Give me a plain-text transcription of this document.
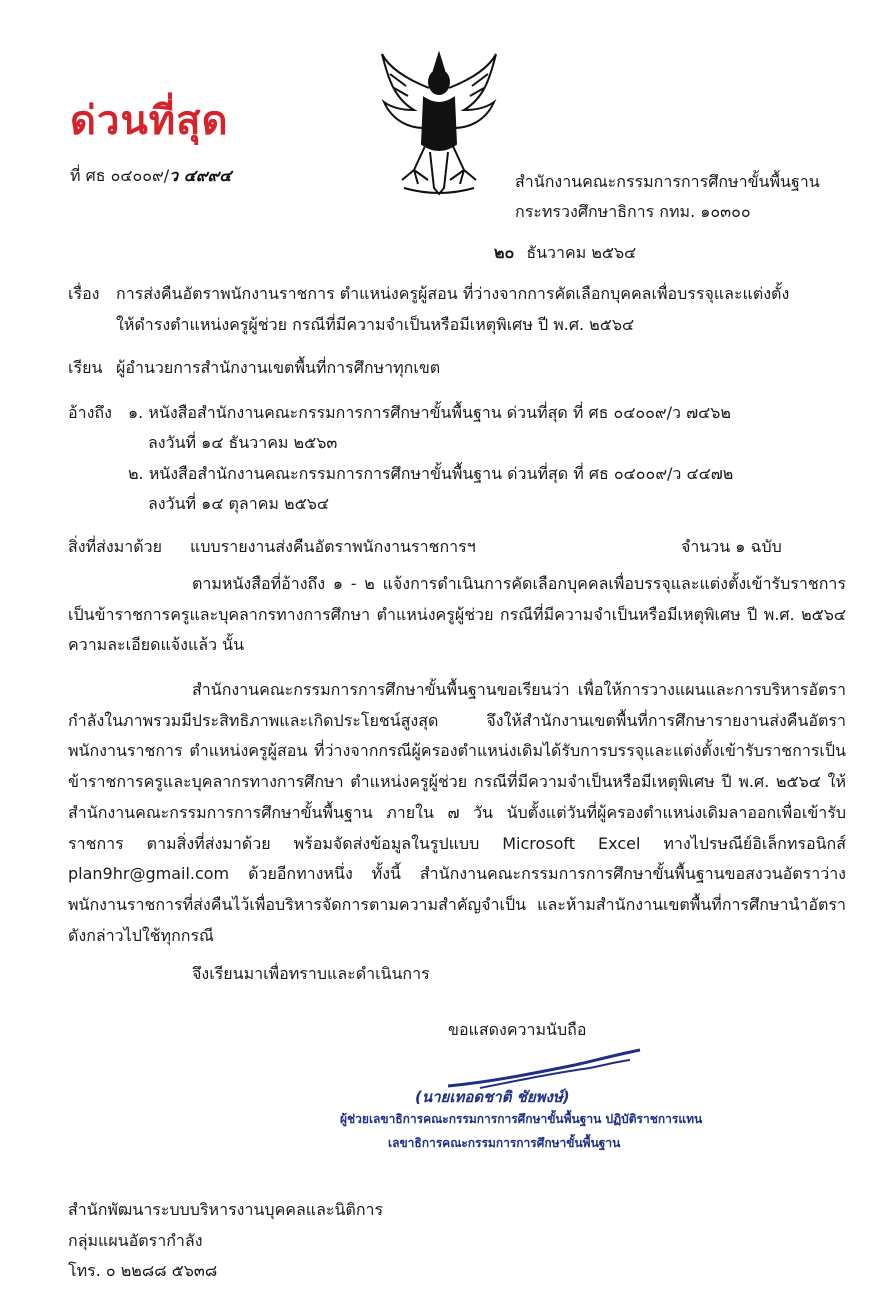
ด่วนที่สุด
ที่ ศธ ๐๔๐๐๙/ว ๔๙๙๔	สำนักงานคณะกรรมการการศึกษาขั้นพื้นฐาน
กระทรวงศึกษาธิการ กทม. ๑๐๓๐๐
๒๐ ธันวาคม ๒๕๖๔
เรื่อง การส่งคืนอัตราพนักงานราชการ ตำแหน่งครูผู้สอน ที่ว่างจากการคัดเลือกบุคคลเพื่อบรรจุและแต่งตั้ง
ให้ดำรงตำแหน่งครูผู้ช่วย กรณีที่มีความจำเป็นหรือมีเหตุพิเศษ ปี พ.ศ. ๒๕๖๔
เรียน ผู้อำนวยการสำนักงานเขตพื้นที่การศึกษาทุกเขต
อ้างถึง ๑. หนังสือสำนักงานคณะกรรมการการศึกษาขั้นพื้นฐาน ด่วนที่สุด ที่ ศธ ๐๔๐๐๙/ว ๗๔๖๒
ลงวันที่ ๑๔ ธันวาคม ๒๕๖๓
๒. หนังสือสำนักงานคณะกรรมการการศึกษาขั้นพื้นฐาน ด่วนที่สุด ที่ ศธ ๐๔๐๐๙/ว ๔๔๗๒
ลงวันที่ ๑๔ ตุลาคม ๒๕๖๔
สิ่งที่ส่งมาด้วย แบบรายงานส่งคืนอัตราพนักงานราชการฯ	จำนวน ๑ ฉบับ
ตามหนังสือที่อ้างถึง ๑ - ๒ แจ้งการดำเนินการคัดเลือกบุคคลเพื่อบรรจุและแต่งตั้งเข้ารับราชการเป็นข้าราชการครูและบุคลากรทางการศึกษา ตำแหน่งครูผู้ช่วย กรณีที่มีความจำเป็นหรือมีเหตุพิเศษ ปี พ.ศ. ๒๕๖๔ ความละเอียดแจ้งแล้ว นั้น
สำนักงานคณะกรรมการการศึกษาขั้นพื้นฐานขอเรียนว่า เพื่อให้การวางแผนและการบริหารอัตรากำลังในภาพรวมมีประสิทธิภาพและเกิดประโยชน์สูงสุด จึงให้สำนักงานเขตพื้นที่การศึกษารายงานส่งคืนอัตราพนักงานราชการ ตำแหน่งครูผู้สอน ที่ว่างจากกรณีผู้ครองตำแหน่งเดิมได้รับการบรรจุและแต่งตั้งเข้ารับราชการเป็นข้าราชการครูและบุคลากรทางการศึกษา ตำแหน่งครูผู้ช่วย กรณีที่มีความจำเป็นหรือมีเหตุพิเศษ ปี พ.ศ. ๒๕๖๔ ให้สำนักงานคณะกรรมการการศึกษาขั้นพื้นฐาน ภายใน ๗ วัน นับตั้งแต่วันที่ผู้ครองตำแหน่งเดิมลาออกเพื่อเข้ารับราชการ ตามสิ่งที่ส่งมาด้วย พร้อมจัดส่งข้อมูลในรูปแบบ Microsoft Excel ทางไปรษณีย์อิเล็กทรอนิกส์ plan9hr@gmail.com ด้วยอีกทางหนึ่ง ทั้งนี้ สำนักงานคณะกรรมการการศึกษาขั้นพื้นฐานขอสงวนอัตราว่างพนักงานราชการที่ส่งคืนไว้เพื่อบริหารจัดการตามความสำคัญจำเป็น และห้ามสำนักงานเขตพื้นที่การศึกษานำอัตราดังกล่าวไปใช้ทุกกรณี
จึงเรียนมาเพื่อทราบและดำเนินการ
ขอแสดงความนับถือ
(นายเทอดชาติ ชัยพงษ์)
ผู้ช่วยเลขาธิการคณะกรรมการการศึกษาขั้นพื้นฐาน ปฏิบัติราชการแทน
เลขาธิการคณะกรรมการการศึกษาขั้นพื้นฐาน
สำนักพัฒนาระบบบริหารงานบุคคลและนิติการ
กลุ่มแผนอัตรากำลัง
โทร. ๐ ๒๒๘๘ ๕๖๓๘
